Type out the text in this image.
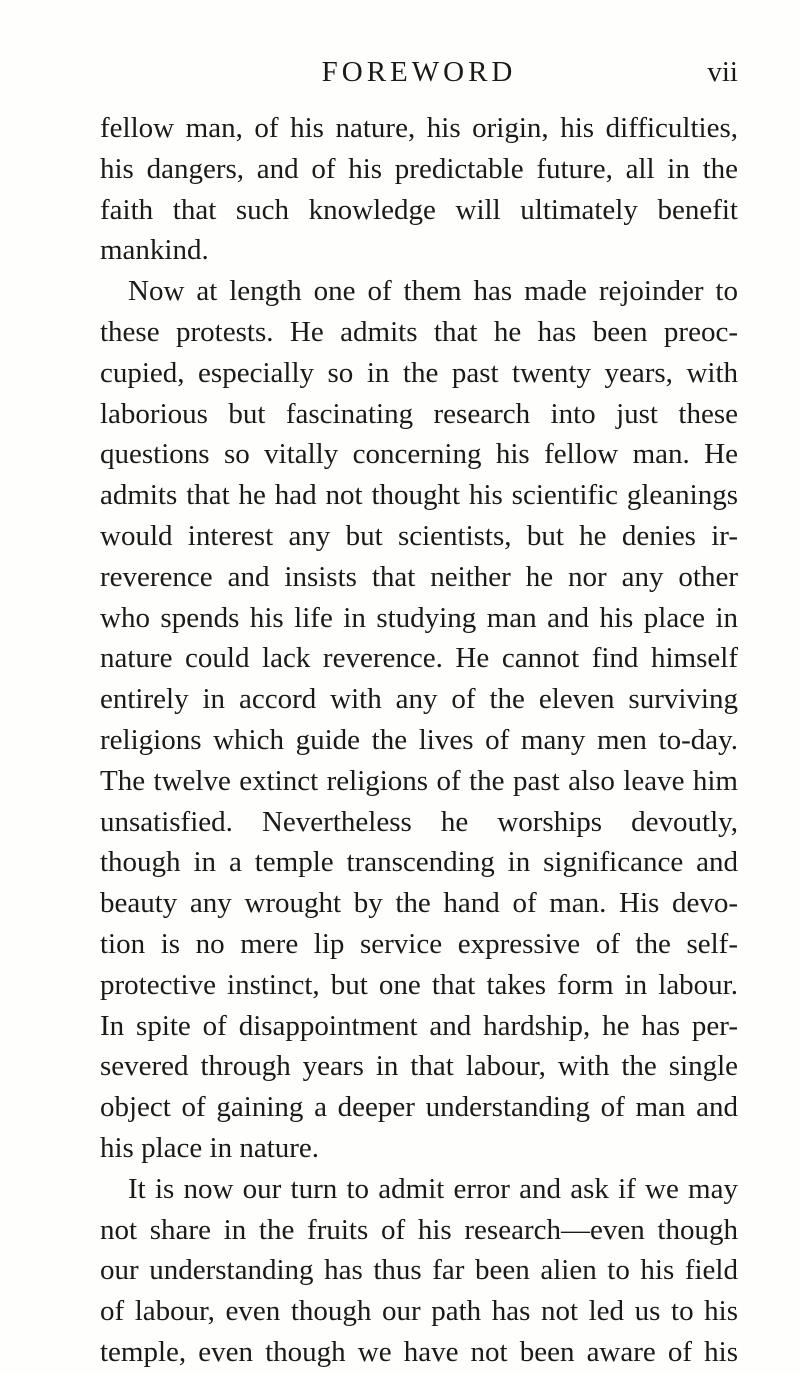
FOREWORD	vii
fellow man, of his nature, his origin, his difficulties,
his dangers, and of his predictable future, all in the
faith that such knowledge will ultimately benefit
mankind.
Now at length one of them has made rejoinder to
these protests. He admits that he has been preoc-
cupied, especially so in the past twenty years, with
laborious but fascinating research into just these
questions so vitally concerning his fellow man. He
admits that he had not thought his scientific gleanings
would interest any but scientists, but he denies ir-
reverence and insists that neither he nor any other
who spends his life in studying man and his place in
nature could lack reverence. He cannot find himself
entirely in accord with any of the eleven surviving
religions which guide the lives of many men to-day.
The twelve extinct religions of the past also leave him
unsatisfied. Nevertheless he worships devoutly,
though in a temple transcending in significance and
beauty any wrought by the hand of man. His devo-
tion is no mere lip service expressive of the self-
protective instinct, but one that takes form in labour.
In spite of disappointment and hardship, he has per-
severed through years in that labour, with the single
object of gaining a deeper understanding of man and
his place in nature.
It is now our turn to admit error and ask if we may
not share in the fruits of his research—even though
our understanding has thus far been alien to his field
of labour, even though our path has not led us to his
temple, even though we have not been aware of his
